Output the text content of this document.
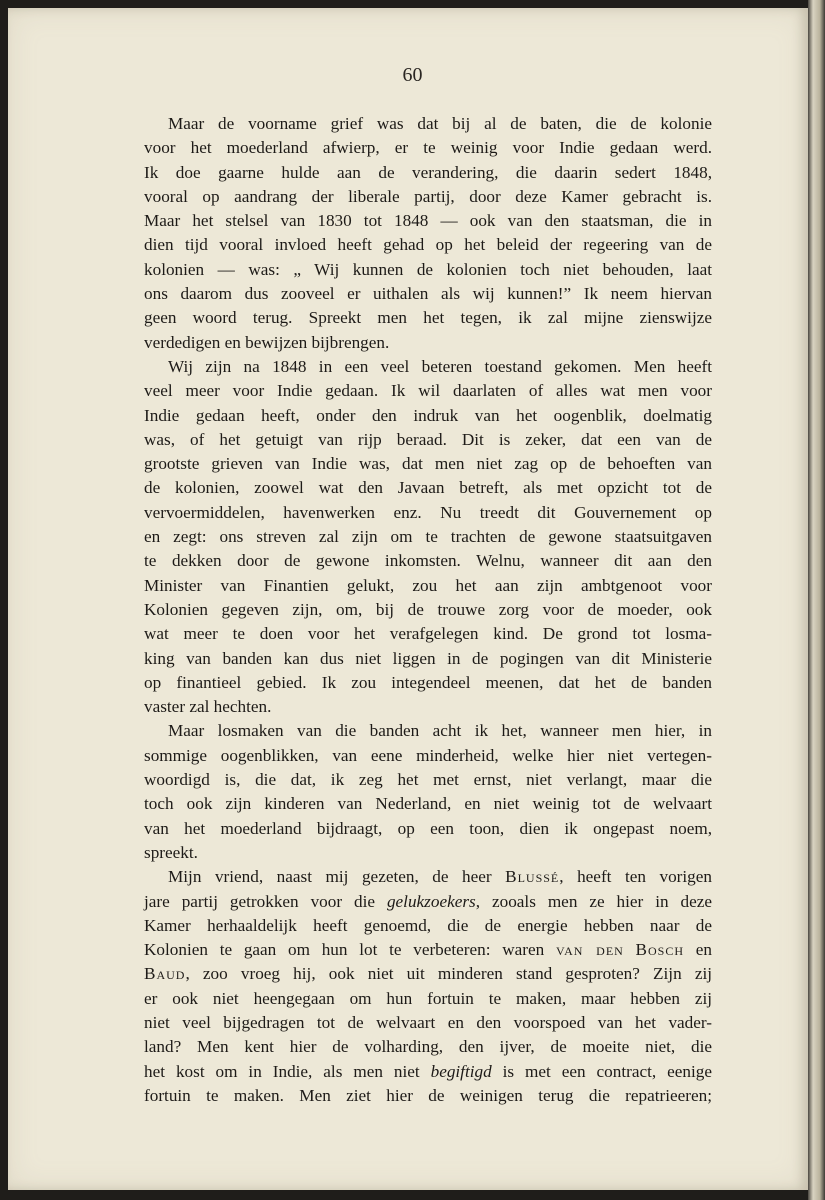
60
Maar de voorname grief was dat bij al de baten, die de kolonie
voor het moederland afwierp, er te weinig voor Indie gedaan werd.
Ik doe gaarne hulde aan de verandering, die daarin sedert 1848,
vooral op aandrang der liberale partij, door deze Kamer gebracht is.
Maar het stelsel van 1830 tot 1848 — ook van den staatsman, die in
dien tijd vooral invloed heeft gehad op het beleid der regeering van de
kolonien — was: „ Wij kunnen de kolonien toch niet behouden, laat
ons daarom dus zooveel er uithalen als wij kunnen!” Ik neem hiervan
geen woord terug. Spreekt men het tegen, ik zal mijne zienswijze
verdedigen en bewijzen bijbrengen.
Wij zijn na 1848 in een veel beteren toestand gekomen. Men heeft
veel meer voor Indie gedaan. Ik wil daarlaten of alles wat men voor
Indie gedaan heeft, onder den indruk van het oogenblik, doelmatig
was, of het getuigt van rijp beraad. Dit is zeker, dat een van de
grootste grieven van Indie was, dat men niet zag op de behoeften van
de kolonien, zoowel wat den Javaan betreft, als met opzicht tot de
vervoermiddelen, havenwerken enz. Nu treedt dit Gouvernement op
en zegt: ons streven zal zijn om te trachten de gewone staatsuitgaven
te dekken door de gewone inkomsten. Welnu, wanneer dit aan den
Minister van Finantien gelukt, zou het aan zijn ambtgenoot voor
Kolonien gegeven zijn, om, bij de trouwe zorg voor de moeder, ook
wat meer te doen voor het verafgelegen kind. De grond tot losma-
king van banden kan dus niet liggen in de pogingen van dit Ministerie
op finantieel gebied. Ik zou integendeel meenen, dat het de banden
vaster zal hechten.
Maar losmaken van die banden acht ik het, wanneer men hier, in
sommige oogenblikken, van eene minderheid, welke hier niet vertegen-
woordigd is, die dat, ik zeg het met ernst, niet verlangt, maar die
toch ook zijn kinderen van Nederland, en niet weinig tot de welvaart
van het moederland bijdraagt, op een toon, dien ik ongepast noem,
spreekt.
Mijn vriend, naast mij gezeten, de heer Blussé, heeft ten vorigen
jare partij getrokken voor die gelukzoekers, zooals men ze hier in deze
Kamer herhaaldelijk heeft genoemd, die de energie hebben naar de
Kolonien te gaan om hun lot te verbeteren: waren van den Bosch en
Baud, zoo vroeg hij, ook niet uit minderen stand gesproten? Zijn zij
er ook niet heengegaan om hun fortuin te maken, maar hebben zij
niet veel bijgedragen tot de welvaart en den voorspoed van het vader-
land? Men kent hier de volharding, den ijver, de moeite niet, die
het kost om in Indie, als men niet begiftigd is met een contract, eenige
fortuin te maken. Men ziet hier de weinigen terug die repatrieeren;
